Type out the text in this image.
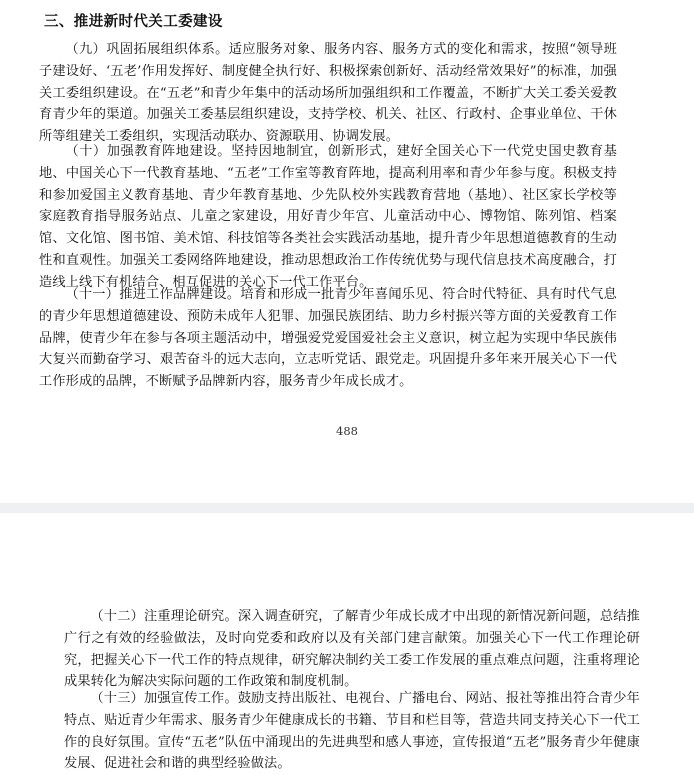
三、推进新时代关工委建设

（九）巩固拓展组织体系。适应服务对象、服务内容、服务方式的变化和需求，按照“领导班子建设好、‘五老’作用发挥好、制度健全执行好、积极探索创新好、活动经常效果好”的标准，加强关工委组织建设。在“五老”和青少年集中的活动场所加强组织和工作覆盖，不断扩大关工委关爱教育青少年的渠道。加强关工委基层组织建设，支持学校、机关、社区、行政村、企事业单位、干休所等组建关工委组织，实现活动联办、资源联用、协调发展。

（十）加强教育阵地建设。坚持因地制宜，创新形式，建好全国关心下一代党史国史教育基地、中国关心下一代教育基地、“五老”工作室等教育阵地，提高利用率和青少年参与度。积极支持和参加爱国主义教育基地、青少年教育基地、少先队校外实践教育营地（基地）、社区家长学校等家庭教育指导服务站点、儿童之家建设，用好青少年宫、儿童活动中心、博物馆、陈列馆、档案馆、文化馆、图书馆、美术馆、科技馆等各类社会实践活动基地，提升青少年思想道德教育的生动性和直观性。加强关工委网络阵地建设，推动思想政治工作传统优势与现代信息技术高度融合，打造线上线下有机结合、相互促进的关心下一代工作平台。

（十一）推进工作品牌建设。培育和形成一批青少年喜闻乐见、符合时代特征、具有时代气息的青少年思想道德建设、预防未成年人犯罪、加强民族团结、助力乡村振兴等方面的关爱教育工作品牌，使青少年在参与各项主题活动中，增强爱党爱国爱社会主义意识，树立起为实现中华民族伟大复兴而勤奋学习、艰苦奋斗的远大志向，立志听党话、跟党走。巩固提升多年来开展关心下一代工作形成的品牌，不断赋予品牌新内容，服务青少年成长成才。

488

（十二）注重理论研究。深入调查研究，了解青少年成长成才中出现的新情况新问题，总结推广行之有效的经验做法，及时向党委和政府以及有关部门建言献策。加强关心下一代工作理论研究，把握关心下一代工作的特点规律，研究解决制约关工委工作发展的重点难点问题，注重将理论成果转化为解决实际问题的工作政策和制度机制。

（十三）加强宣传工作。鼓励支持出版社、电视台、广播电台、网站、报社等推出符合青少年特点、贴近青少年需求、服务青少年健康成长的书籍、节目和栏目等，营造共同支持关心下一代工作的良好氛围。宣传“五老”队伍中涌现出的先进典型和感人事迹，宣传报道“五老”服务青少年健康发展、促进社会和谐的典型经验做法。
